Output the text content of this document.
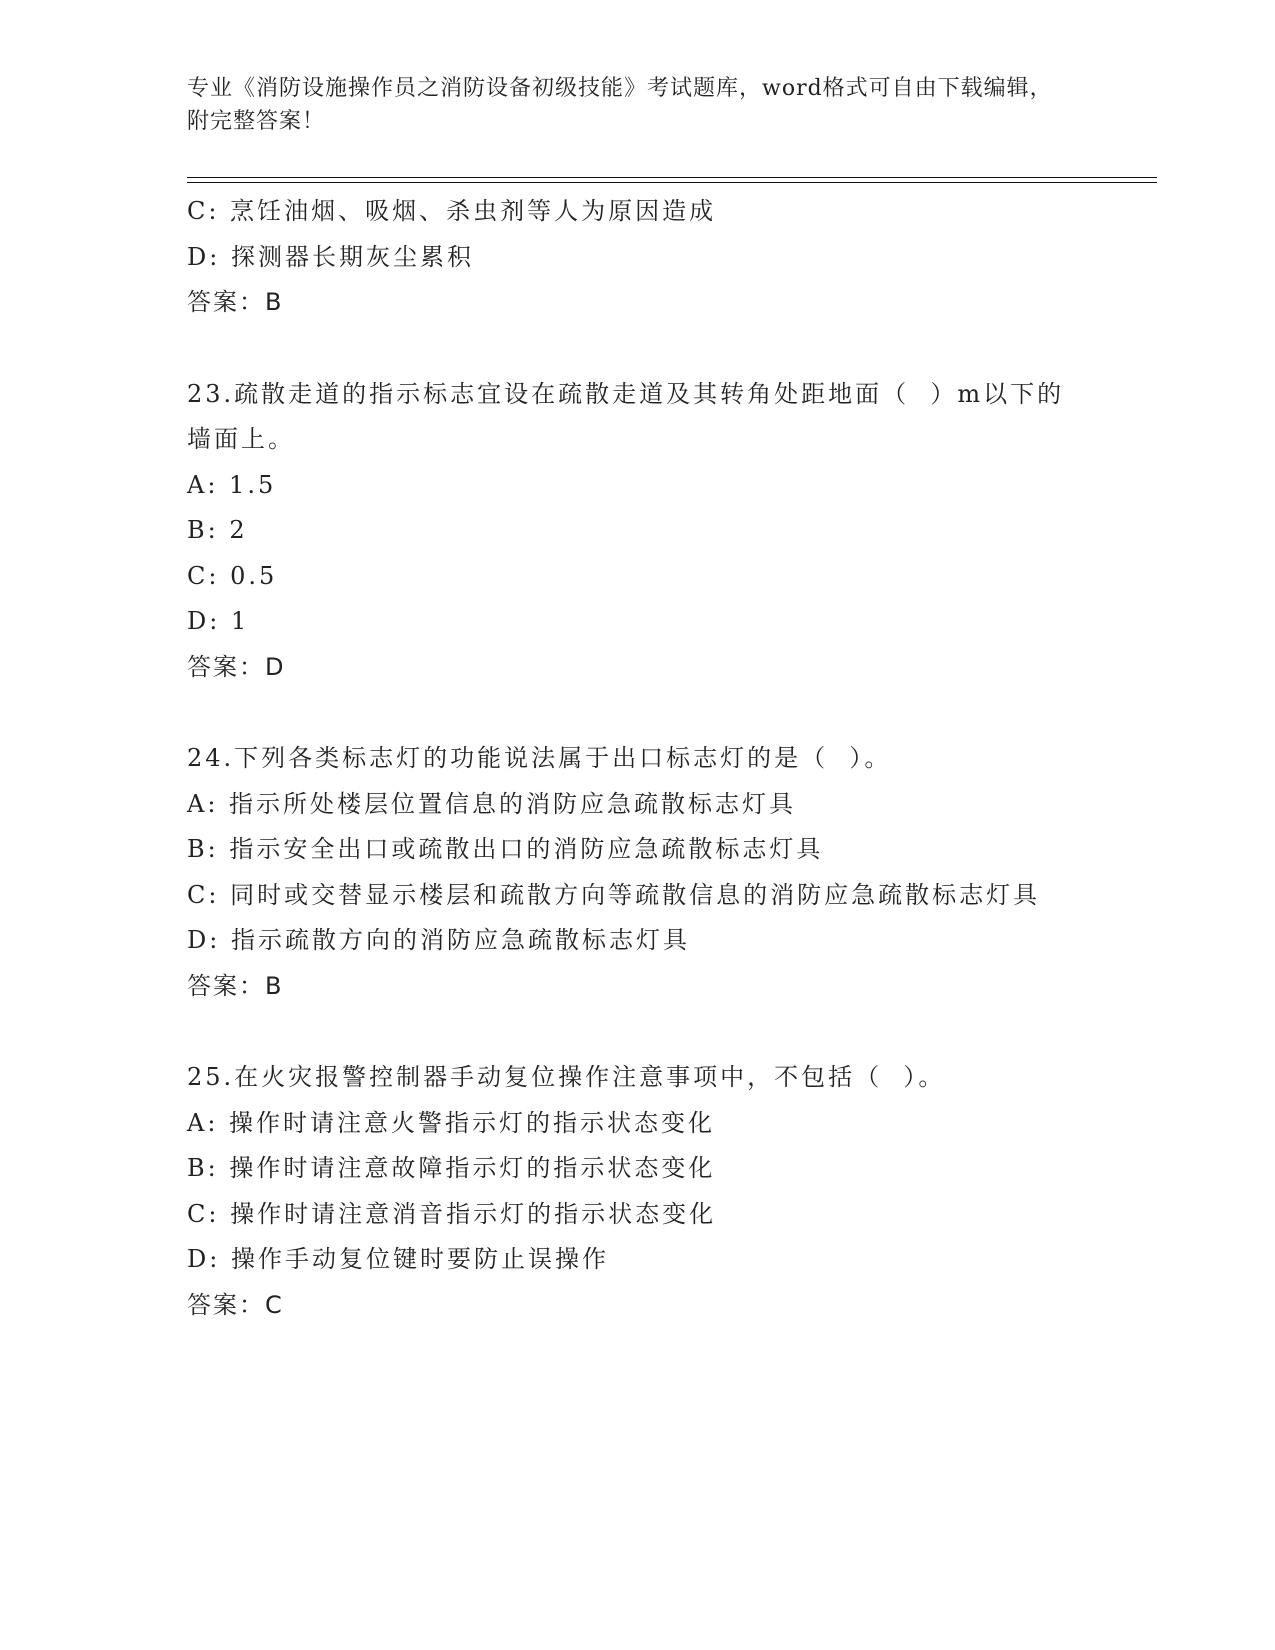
专业《消防设施操作员之消防设备初级技能》考试题库，word格式可自由下载编辑，附完整答案！
C: 烹饪油烟、吸烟、杀虫剂等人为原因造成
D: 探测器长期灰尘累积
答案：B
23.疏散走道的指示标志宜设在疏散走道及其转角处距地面（  ）m以下的墙面上。
A: 1.5
B: 2
C: 0.5
D: 1
答案：D
24.下列各类标志灯的功能说法属于出口标志灯的是（  ）。
A: 指示所处楼层位置信息的消防应急疏散标志灯具
B: 指示安全出口或疏散出口的消防应急疏散标志灯具
C: 同时或交替显示楼层和疏散方向等疏散信息的消防应急疏散标志灯具
D: 指示疏散方向的消防应急疏散标志灯具
答案：B
25.在火灾报警控制器手动复位操作注意事项中，不包括（  ）。
A: 操作时请注意火警指示灯的指示状态变化
B: 操作时请注意故障指示灯的指示状态变化
C: 操作时请注意消音指示灯的指示状态变化
D: 操作手动复位键时要防止误操作
答案：C
